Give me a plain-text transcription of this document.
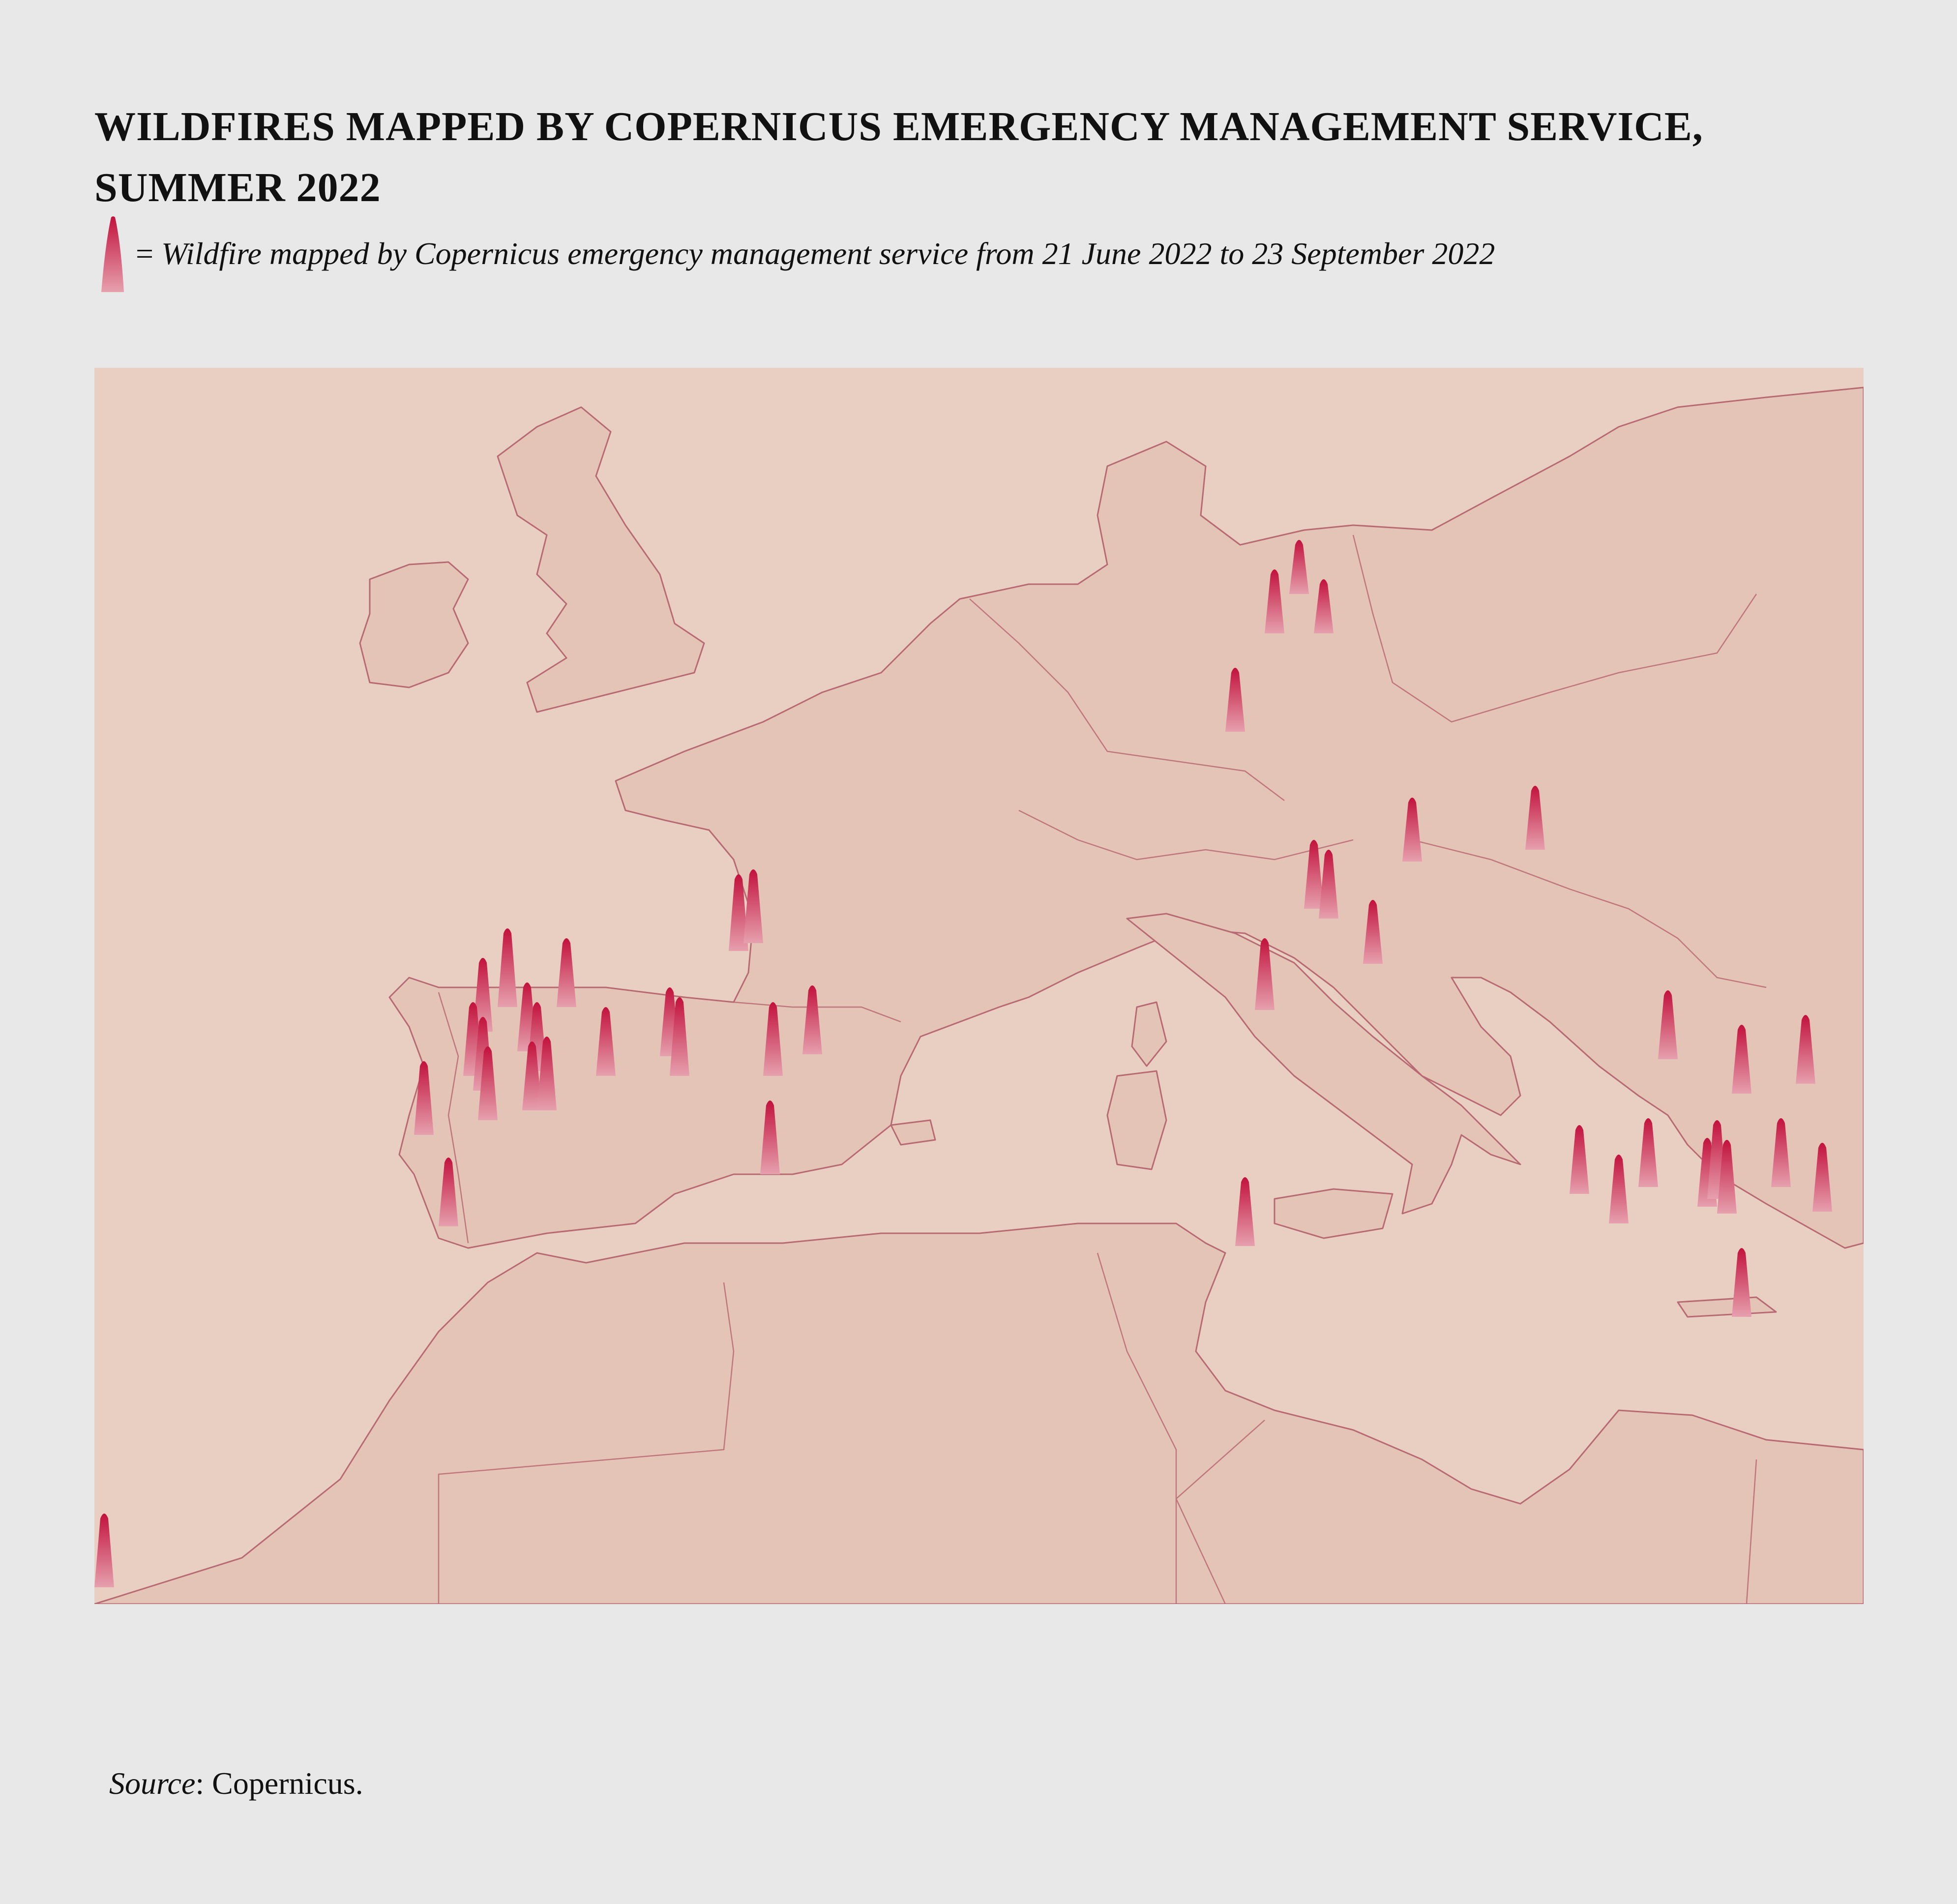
WILDFIRES MAPPED BY COPERNICUS EMERGENCY MANAGEMENT SERVICE, SUMMER 2022
= Wildfire mapped by Copernicus emergency management service from 21 June 2022 to 23 September 2022
Source: Copernicus.
